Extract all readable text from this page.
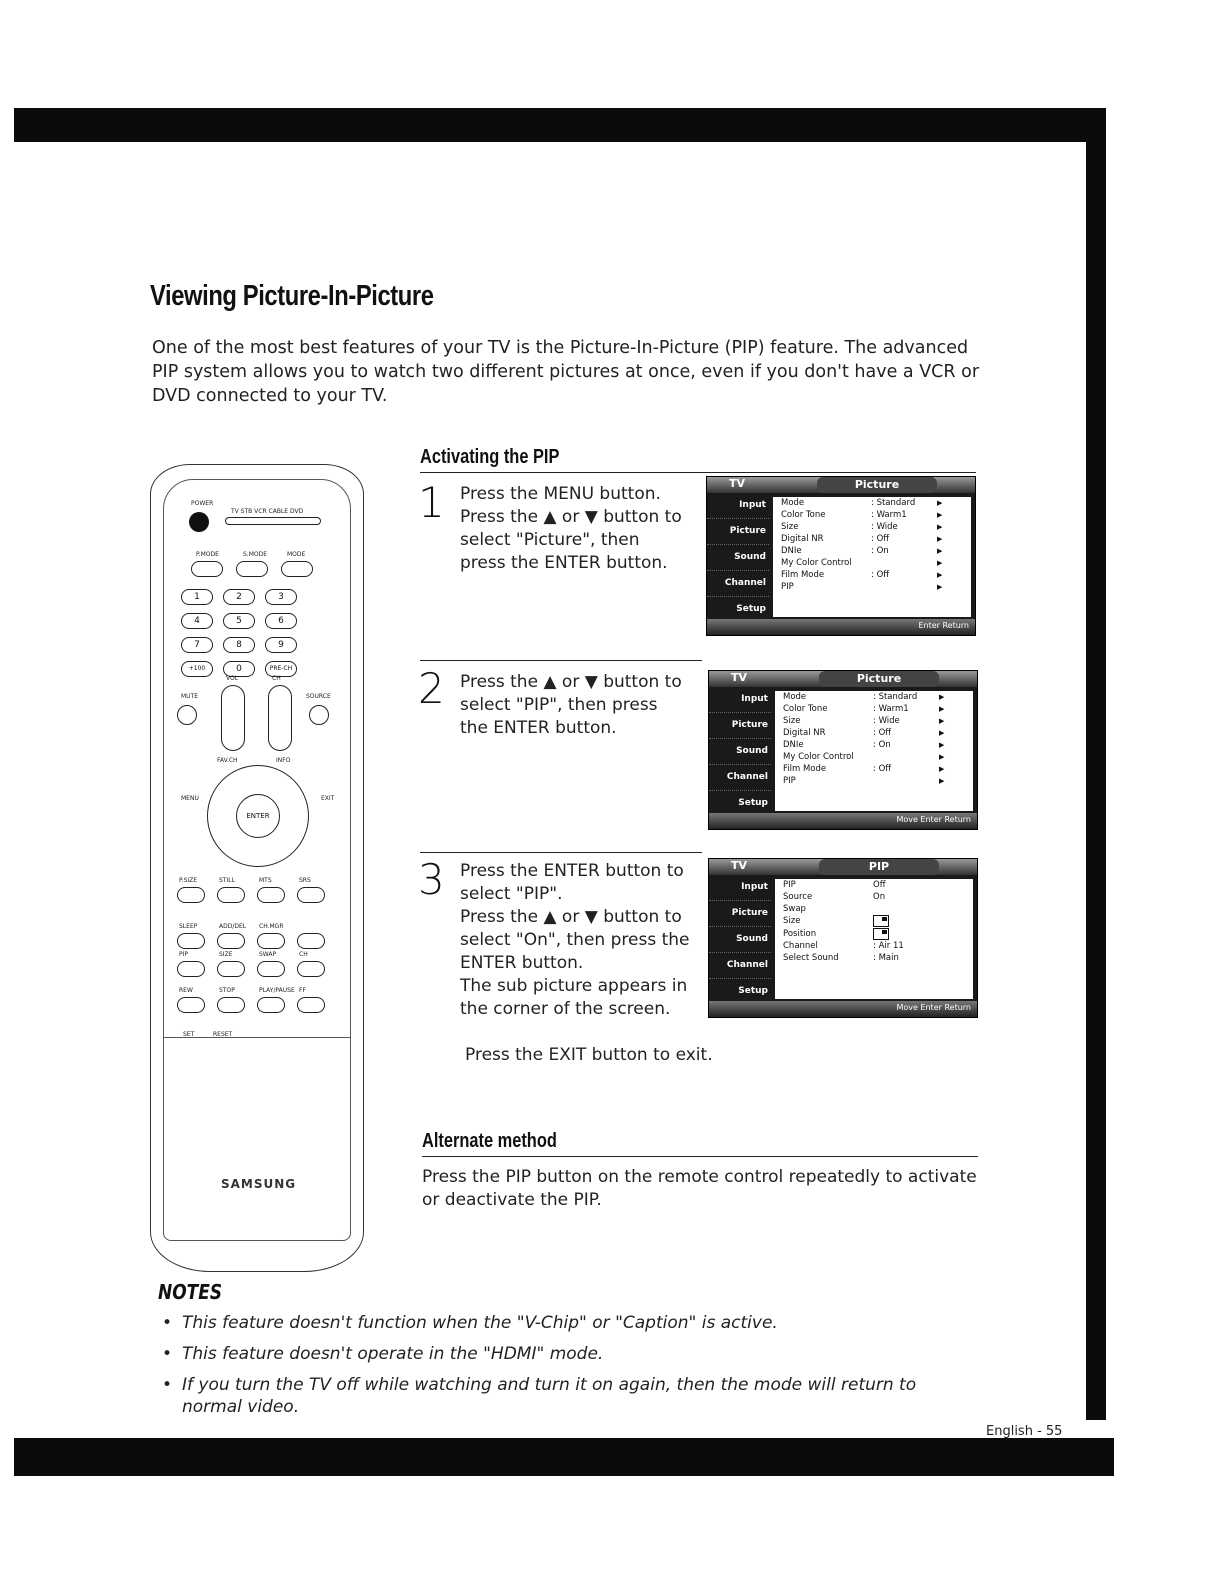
Viewing Picture-In-Picture
One of the most best features of your TV is the Picture-In-Picture (PIP) feature. The advanced PIP system allows you to watch two different pictures at once, even if you don't have a VCR or DVD connected to your TV.
POWER
TV STB VCR CABLE DVD
P.MODE	S.MODE	MODE
1	2	3
4	5	6
7	8	9
+100	0	PRE-CH
VOL	CH
MUTE	SOURCE
FAV.CH	INFO
MENU	EXIT
ENTER
P.SIZE	STILL	MTS	SRS
SLEEP	ADD/DEL CH.MGR
PIP	SIZE	SWAP	CH
REW	STOP	PLAY/PAUSE FF
SET	RESET
SAMSUNG
Activating the PIP
1 Press the MENU button.

Press the ▲ or ▼ button to select "Picture", then press the ENTER button.

2 Press the ▲ or ▼ button to select "PIP", then press the ENTER button.

3 Press the ENTER button to select "PIP".

Press the ▲ or ▼ button to select "On", then press the ENTER button.

The sub picture appears in the corner of the screen.

Press the EXIT button to exit.
TV	Picture
Input
Picture
Sound
Channel
Setup
Mode	: Standard	▶
Color Tone	: Warm1	▶
Size	: Wide	▶
Digital NR	: Off	▶
DNIe	: On	▶
My Color Control	▶
Film Mode	: Off	▶
PIP	▶
Enter Return
TV	Picture
Input
Picture
Sound
Channel
Setup
Mode	: Standard	▶
Color Tone	: Warm1	▶
Size	: Wide	▶
Digital NR	: Off	▶
DNIe	: On	▶
My Color Control	▶
Film Mode	: Off	▶
PIP	▶
Move Enter Return
TV	PIP
Input
Picture
Sound
Channel
Setup
PIP	Off
Source	On
Swap
Size
Position
Channel	: Air 11
Select Sound	: Main
Move Enter Return
Alternate method
Press the PIP button on the remote control repeatedly to activate or deactivate the PIP.
NOTES
• This feature doesn't function when the "V-Chip" or "Caption" is active.
• This feature doesn't operate in the "HDMI" mode.
• If you turn the TV off while watching and turn it on again, then the mode will return to normal video.
English - 55
